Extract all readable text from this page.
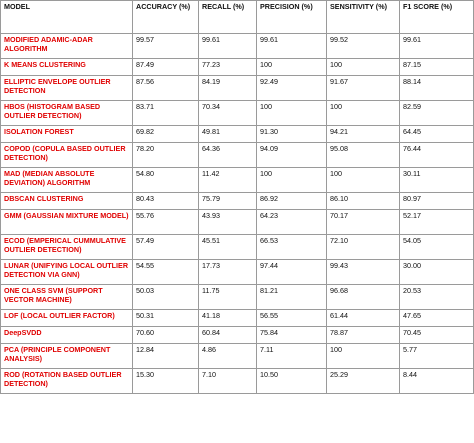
MODEL	ACCURACY (%)	RECALL (%)	PRECISION (%)	SENSITIVITY (%)	F1 SCORE (%)
MODIFIED ADAMIC-ADAR ALGORITHM	99.57	99.61	99.61	99.52	99.61
K MEANS CLUSTERING	87.49	77.23	100	100	87.15
ELLIPTIC ENVELOPE OUTLIER DETECTION	87.56	84.19	92.49	91.67	88.14
HBOS (HISTOGRAM BASED OUTLIER DETECTION)	83.71	70.34	100	100	82.59
ISOLATION FOREST	69.82	49.81	91.30	94.21	64.45
COPOD (COPULA BASED OUTLIER DETECTION)	78.20	64.36	94.09	95.08	76.44
MAD (MEDIAN ABSOLUTE DEVIATION) ALGORITHM	54.80	11.42	100	100	30.11
DBSCAN CLUSTERING	80.43	75.79	86.92	86.10	80.97
GMM (GAUSSIAN MIXTURE MODEL)	55.76	43.93	64.23	70.17	52.17
ECOD (EMPERICAL CUMMULATIVE OUTLIER DETECTION)	57.49	45.51	66.53	72.10	54.05
LUNAR (UNIFYING LOCAL OUTLIER DETECTION VIA GNN)	54.55	17.73	97.44	99.43	30.00
ONE CLASS SVM (SUPPORT VECTOR MACHINE)	50.03	11.75	81.21	96.68	20.53
LOF (LOCAL OUTLIER FACTOR)	50.31	41.18	56.55	61.44	47.65
DeepSVDD	70.60	60.84	75.84	78.87	70.45
PCA (PRINCIPLE COMPONENT ANALYSIS)	12.84	4.86	7.11	100	5.77
ROD (ROTATION BASED OUTLIER DETECTION)	15.30	7.10	10.50	25.29	8.44
